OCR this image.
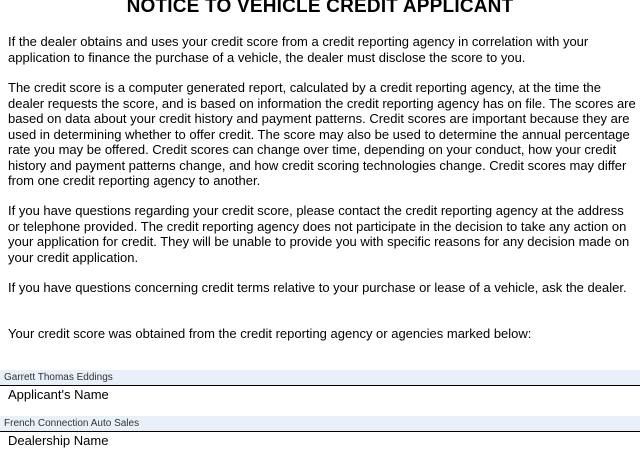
NOTICE TO VEHICLE CREDIT APPLICANT

If the dealer obtains and uses your credit score from a credit reporting agency in correlation with your application to finance the purchase of a vehicle, the dealer must disclose the score to you.

The credit score is a computer generated report, calculated by a credit reporting agency, at the time the dealer requests the score, and is based on information the credit reporting agency has on file. The scores are based on data about your credit history and payment patterns. Credit scores are important because they are used in determining whether to offer credit. The score may also be used to determine the annual percentage rate you may be offered. Credit scores can change over time, depending on your conduct, how your credit history and payment patterns change, and how credit scoring technologies change. Credit scores may differ from one credit reporting agency to another.

If you have questions regarding your credit score, please contact the credit reporting agency at the address or telephone provided. The credit reporting agency does not participate in the decision to take any action on your application for credit. They will be unable to provide you with specific reasons for any decision made on your credit application.

If you have questions concerning credit terms relative to your purchase or lease of a vehicle, ask the dealer.

Your credit score was obtained from the credit reporting agency or agencies marked below:

Garrett Thomas Eddings
Applicant's Name
French Connection Auto Sales
Dealership Name
